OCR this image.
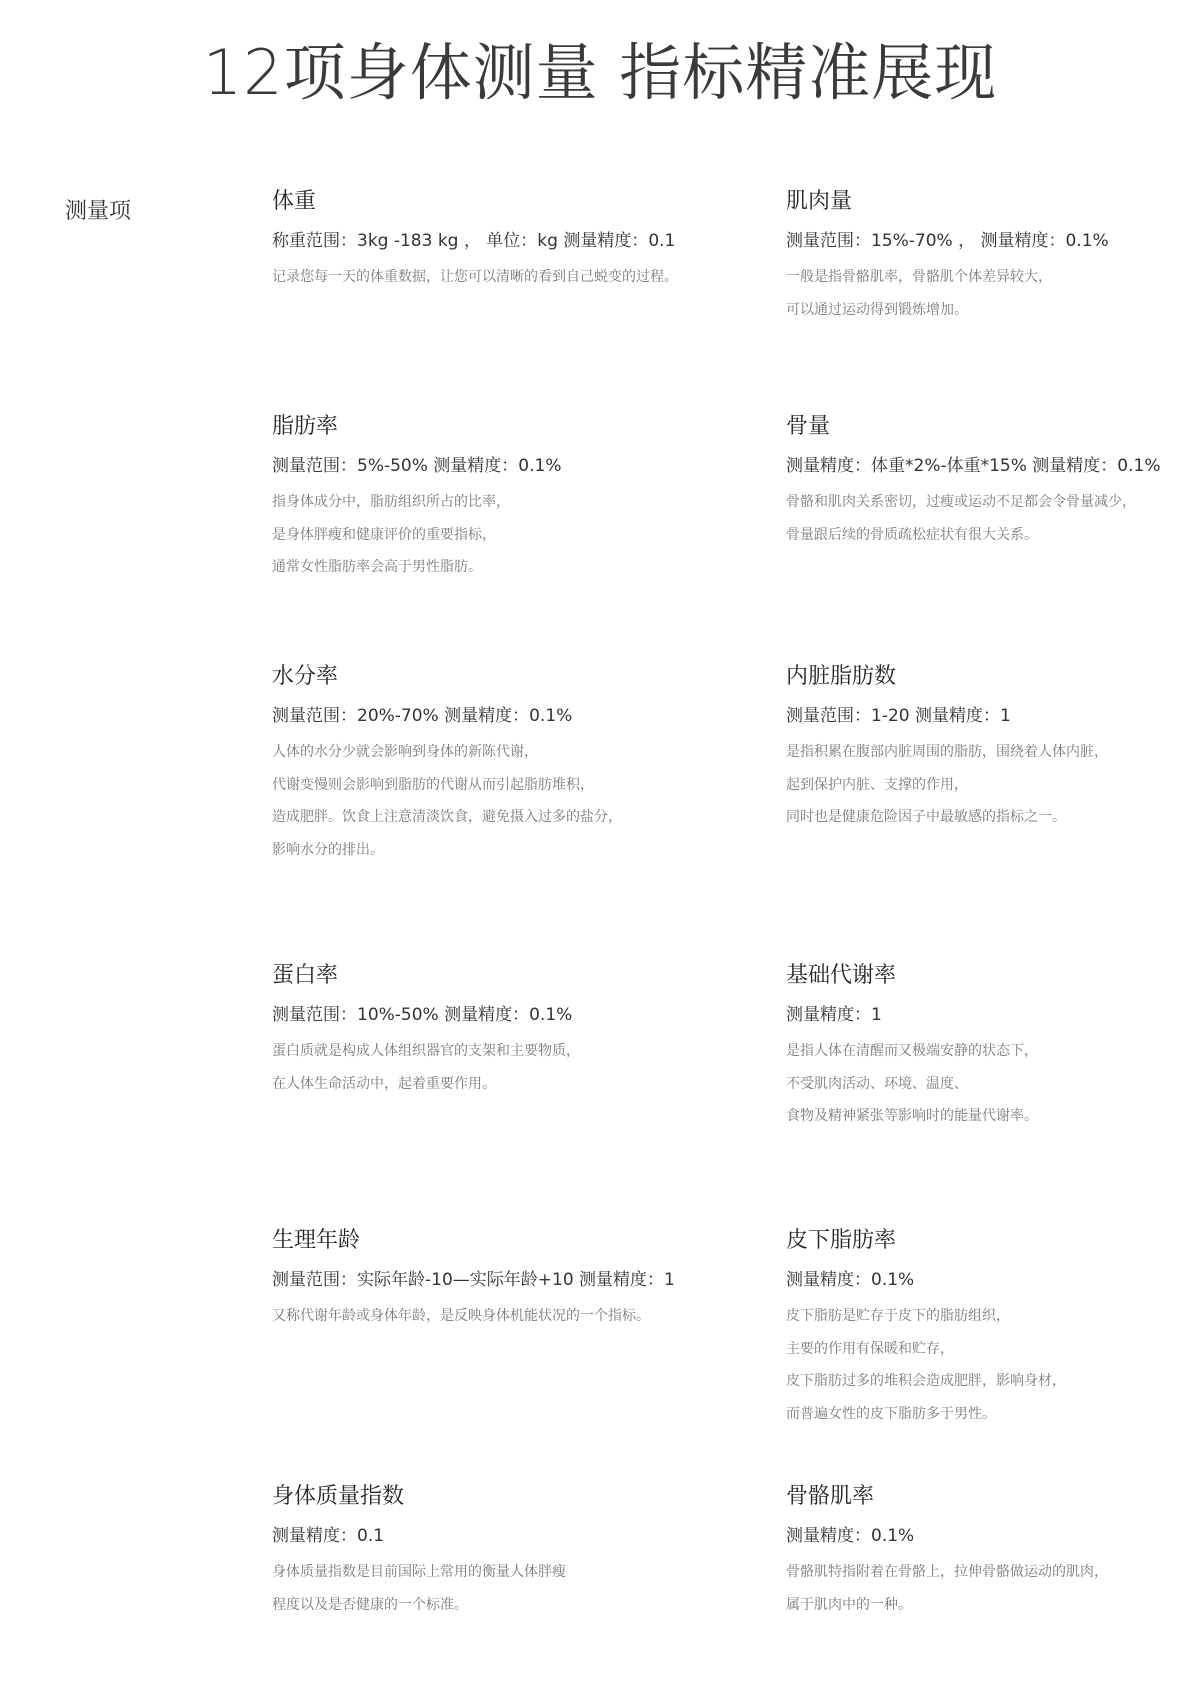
12项身体测量 指标精准展现
测量项	体重
称重范围：3kg -183 kg ， 单位：kg 测量精度：0.1
记录您每一天的体重数据，让您可以清晰的看到自己蜕变的过程。
肌肉量
测量范围：15%-70% ， 测量精度：0.1%
一般是指骨骼肌率，骨骼肌个体差异较大，
可以通过运动得到锻炼增加。
脂肪率
测量范围：5%-50% 测量精度：0.1%
指身体成分中，脂肪组织所占的比率，
是身体胖瘦和健康评价的重要指标，
通常女性脂肪率会高于男性脂肪。
骨量
测量精度：体重*2%-体重*15% 测量精度：0.1%
骨骼和肌肉关系密切，过瘦或运动不足都会令骨量减少，
骨量跟后续的骨质疏松症状有很大关系。
水分率
测量范围：20%-70% 测量精度：0.1%
人体的水分少就会影响到身体的新陈代谢，
代谢变慢则会影响到脂肪的代谢从而引起脂肪堆积，
造成肥胖。饮食上注意清淡饮食，避免摄入过多的盐分，
影响水分的排出。
内脏脂肪数
测量范围：1-20 测量精度：1
是指积累在腹部内脏周围的脂肪，围绕着人体内脏，
起到保护内脏、支撑的作用，
同时也是健康危险因子中最敏感的指标之一。
蛋白率
测量范围：10%-50% 测量精度：0.1%
蛋白质就是构成人体组织器官的支架和主要物质，
在人体生命活动中，起着重要作用。
基础代谢率
测量精度：1
是指人体在清醒而又极端安静的状态下，
不受肌肉活动、环境、温度、
食物及精神紧张等影响时的能量代谢率。
生理年龄
测量范围：实际年龄-10—实际年龄+10 测量精度：1
又称代谢年龄或身体年龄，是反映身体机能状况的一个指标。
皮下脂肪率
测量精度：0.1%
皮下脂肪是贮存于皮下的脂肪组织，
主要的作用有保暖和贮存，
皮下脂肪过多的堆积会造成肥胖，影响身材，
而普遍女性的皮下脂肪多于男性。
身体质量指数
测量精度：0.1
身体质量指数是目前国际上常用的衡量人体胖瘦
程度以及是否健康的一个标准。
骨骼肌率
测量精度：0.1%
骨骼肌特指附着在骨骼上，拉伸骨骼做运动的肌肉，
属于肌肉中的一种。
